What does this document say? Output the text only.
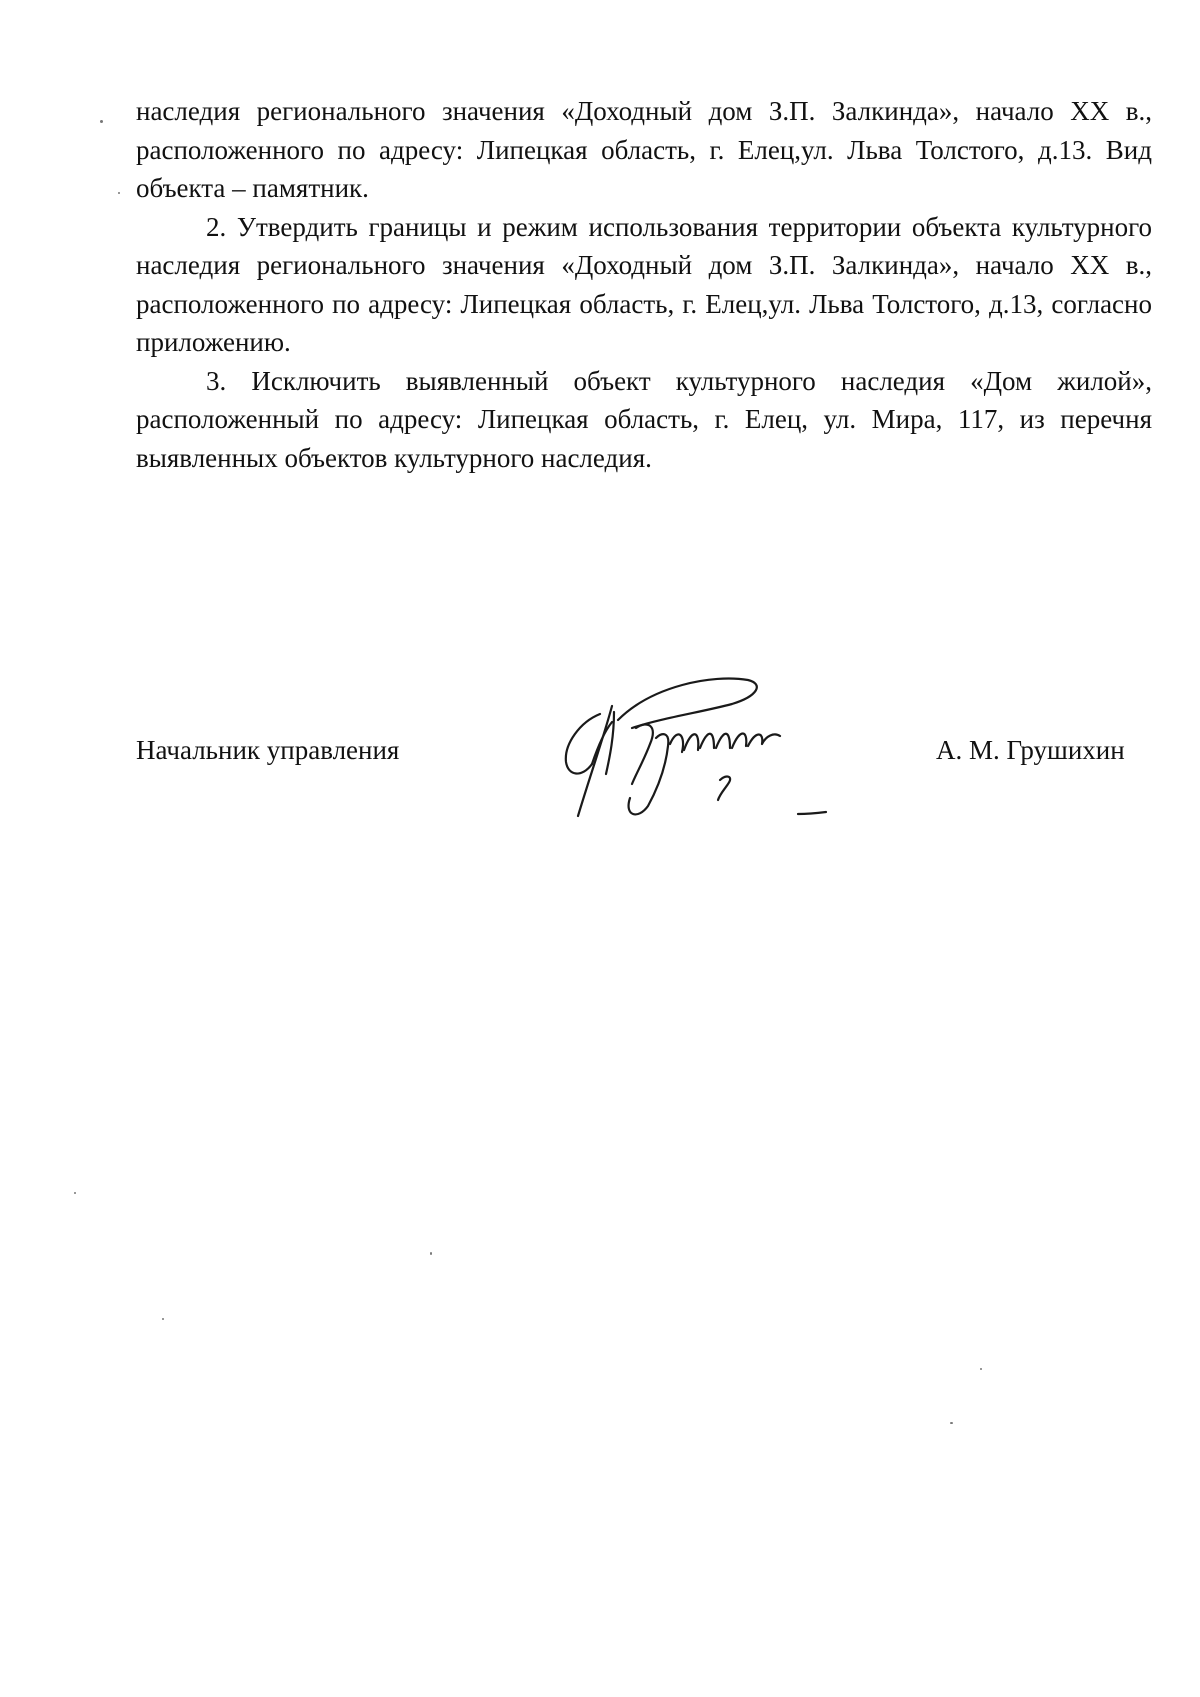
наследия регионального значения «Доходный дом З.П. Залкинда», начало XX в., расположенного по адресу: Липецкая область, г. Елец,ул. Льва Толстого, д.13. Вид объекта – памятник.

2. Утвердить границы и режим использования территории объекта культурного наследия регионального значения «Доходный дом З.П. Залкинда», начало XX в., расположенного по адресу: Липецкая область, г. Елец,ул. Льва Толстого, д.13, согласно приложению.

3. Исключить выявленный объект культурного наследия «Дом жилой», расположенный по адресу: Липецкая область, г. Елец, ул. Мира, 117, из перечня выявленных объектов культурного наследия.

Начальник управления	А. М. Грушихин
